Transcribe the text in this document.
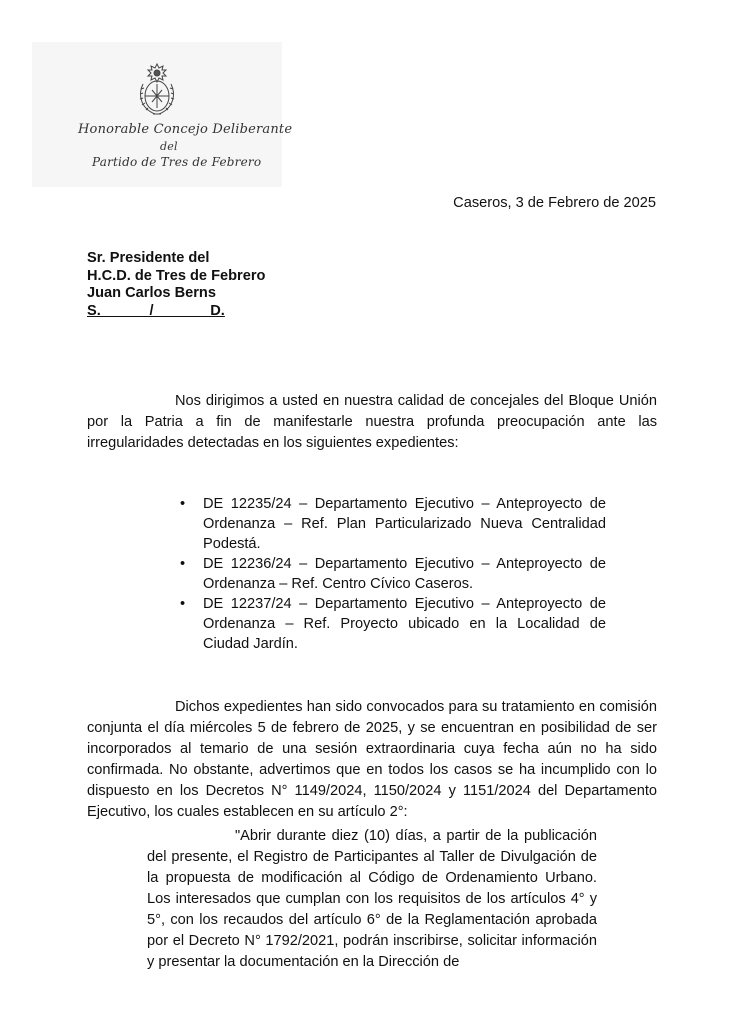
Honorable Concejo Deliberante
del
Partido de Tres de Febrero
Caseros, 3 de Febrero de 2025
Sr. Presidente del
H.C.D. de Tres de Febrero
Juan Carlos Berns
S.            /              D.

Nos dirigimos a usted en nuestra calidad de concejales del Bloque Unión por la Patria a fin de manifestarle nuestra profunda preocupación ante las irregularidades detectadas en los siguientes expedientes:

• DE 12235/24 – Departamento Ejecutivo – Anteproyecto de Ordenanza – Ref. Plan Particularizado Nueva Centralidad Podestá.
• DE 12236/24 – Departamento Ejecutivo – Anteproyecto de Ordenanza – Ref. Centro Cívico Caseros.
• DE 12237/24 – Departamento Ejecutivo – Anteproyecto de Ordenanza – Ref. Proyecto ubicado en la Localidad de Ciudad Jardín.

Dichos expedientes han sido convocados para su tratamiento en comisión conjunta el día miércoles 5 de febrero de 2025, y se encuentran en posibilidad de ser incorporados al temario de una sesión extraordinaria cuya fecha aún no ha sido confirmada. No obstante, advertimos que en todos los casos se ha incumplido con lo dispuesto en los Decretos N° 1149/2024, 1150/2024 y 1151/2024 del Departamento Ejecutivo, los cuales establecen en su artículo 2°:

"Abrir durante diez (10) días, a partir de la publicación del presente, el Registro de Participantes al Taller de Divulgación de la propuesta de modificación al Código de Ordenamiento Urbano. Los interesados que cumplan con los requisitos de los artículos 4° y 5°, con los recaudos del artículo 6° de la Reglamentación aprobada por el Decreto N° 1792/2021, podrán inscribirse, solicitar información y presentar la documentación en la Dirección de
